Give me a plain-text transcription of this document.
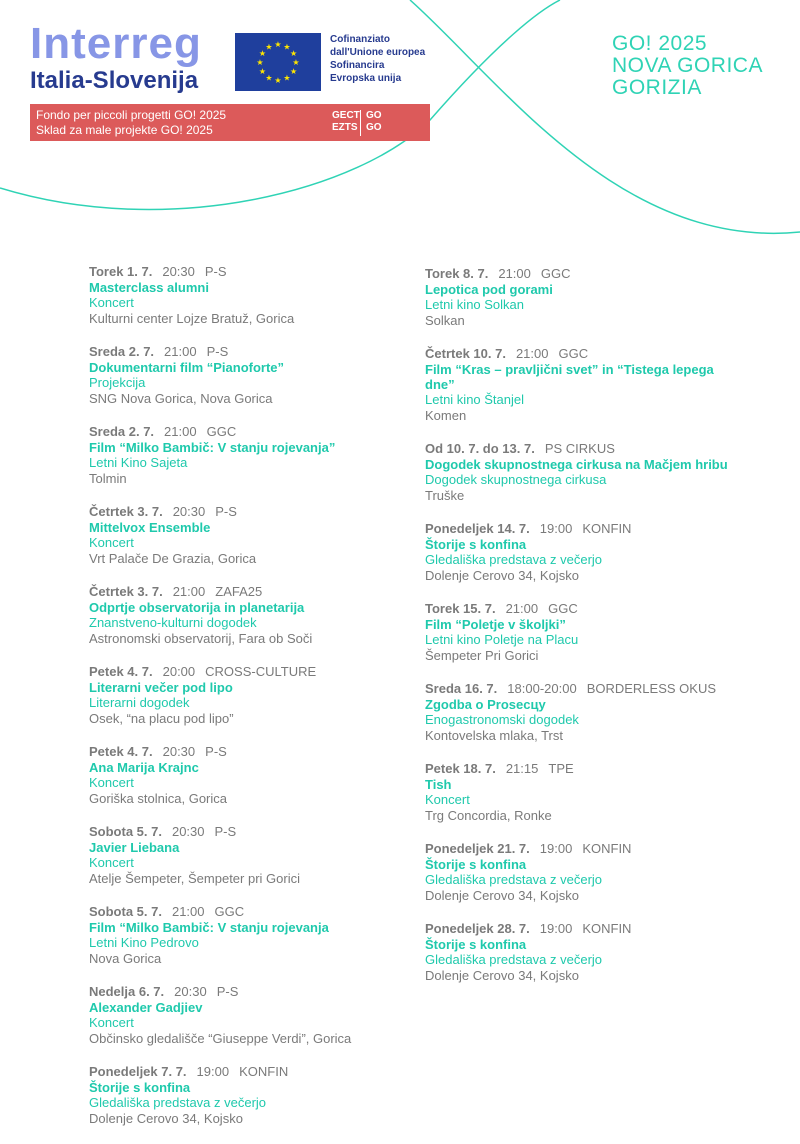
Interreg
Italia-Slovenija
★ ★
★
★
★
★
★
★
★
★
★
★
Cofinanziato
dall'Unione europea
Sofinancira
Evropska unija
Fondo per piccoli progetti GO! 2025
Sklad za male projekte GO! 2025
GECT
EZTS
GO
GO
GO! 2025
NOVA GORICA
GORIZIA
Torek 1. 7. 20:30 P-S
Masterclass alumni
Koncert
Kulturni center Lojze Bratuž, Gorica
Sreda 2. 7. 21:00 P-S
Dokumentarni film “Pianoforte”
Projekcija
SNG Nova Gorica, Nova Gorica
Sreda 2. 7. 21:00 GGC
Film “Milko Bambič: V stanju rojevanja”
Letni Kino Sajeta
Tolmin
Četrtek 3. 7. 20:30 P-S
Mittelvox Ensemble
Koncert
Vrt Palače De Grazia, Gorica
Četrtek 3. 7. 21:00 ZAFA25
Odprtje observatorija in planetarija
Znanstveno-kulturni dogodek
Astronomski observatorij, Fara ob Soči
Petek 4. 7. 20:00 CROSS-CULTURE
Literarni večer pod lipo
Literarni dogodek
Osek, “na placu pod lipo”
Petek 4. 7. 20:30 P-S
Ana Marija Krajnc
Koncert
Goriška stolnica, Gorica
Sobota 5. 7. 20:30 P-S
Javier Liebana
Koncert
Atelje Šempeter, Šempeter pri Gorici
Sobota 5. 7. 21:00 GGC
Film “Milko Bambič: V stanju rojevanja
Letni Kino Pedrovo
Nova Gorica
Nedelja 6. 7. 20:30 P-S
Alexander Gadjiev
Koncert
Občinsko gledališče “Giuseppe Verdi”, Gorica
Ponedeljek 7. 7. 19:00 KONFIN
Štorije s konfina
Gledališka predstava z večerjo
Dolenje Cerovo 34, Kojsko
Torek 8. 7. 21:00 GGC
Lepotica pod gorami
Letni kino Solkan
Solkan
Četrtek 10. 7. 21:00 GGC
Film “Kras – pravljični svet” in “Tistega lepega dne”
Letni kino Štanjel
Komen
Od 10. 7. do 13. 7. PS CIRKUS
Dogodek skupnostnega cirkusa na Mačjem hribu
Dogodek skupnostnega cirkusa
Truške
Ponedeljek 14. 7. 19:00 KONFIN
Štorije s konfina
Gledališka predstava z večerjo
Dolenje Cerovo 34, Kojsko
Torek 15. 7. 21:00 GGC
Film “Poletje v školjki”
Letni kino Poletje na Placu
Šempeter Pri Gorici
Sreda 16. 7. 18:00-20:00 BORDERLESS OKUS
Zgodba o Prosecцу
Enogastronomski dogodek
Kontovelska mlaka, Trst
Petek 18. 7. 21:15 TPE
Tish
Koncert
Trg Concordia, Ronke
Ponedeljek 21. 7. 19:00 KONFIN
Štorije s konfina
Gledališka predstava z večerjo
Dolenje Cerovo 34, Kojsko
Ponedeljek 28. 7. 19:00 KONFIN
Štorije s konfina
Gledališka predstava z večerjo
Dolenje Cerovo 34, Kojsko
